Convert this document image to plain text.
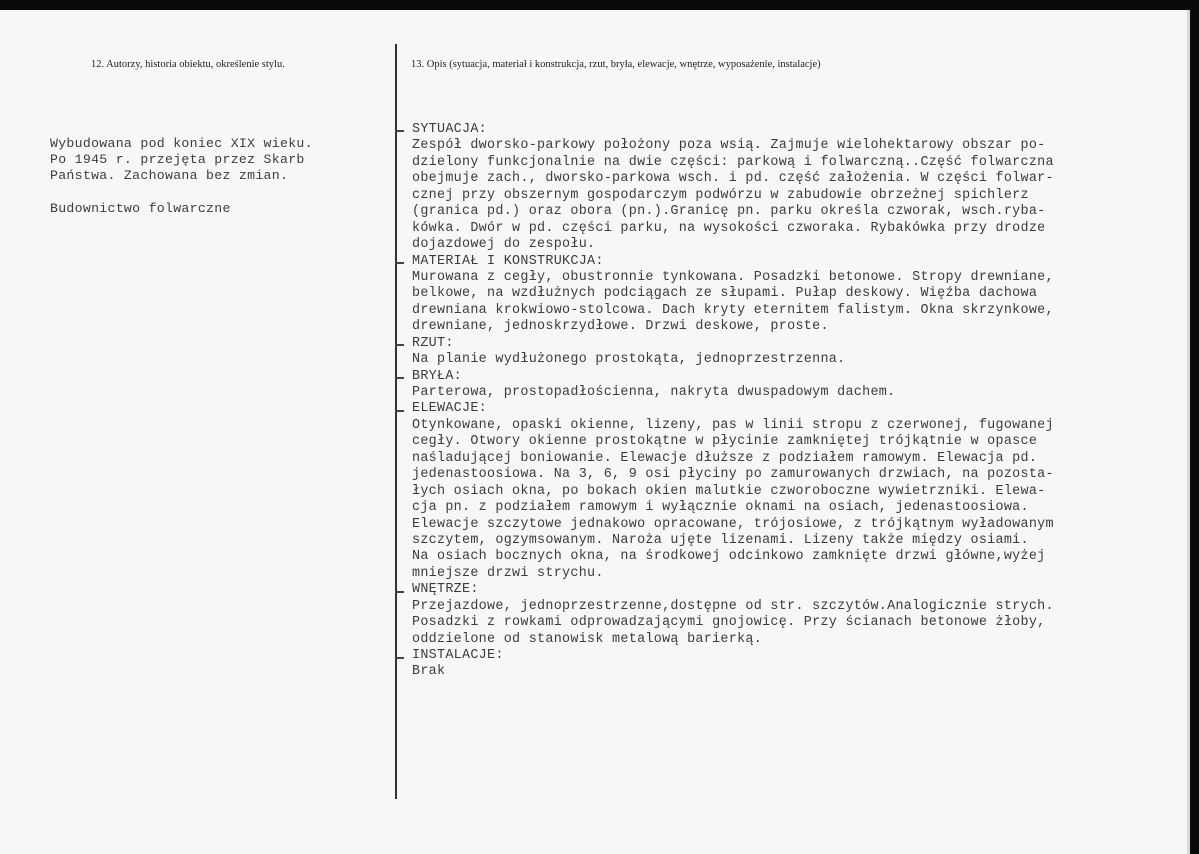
12. Autorzy, historia obiektu, określenie stylu.	13. Opis (sytuacja, materiał i konstrukcja, rzut, bryła, elewacje, wnętrze, wyposażenie, instalacje)
Wybudowana pod koniec XIX wieku.
Po 1945 r. przejęta przez Skarb
Państwa. Zachowana bez zmian.
Budownictwo folwarczne
SYTUACJA:
Zespół dworsko-parkowy położony poza wsią. Zajmuje wielohektarowy obszar po-
dzielony funkcjonalnie na dwie części: parkową i folwarczną..Część folwarczna
obejmuje zach., dworsko-parkowa wsch. i pd. część założenia. W części folwar-
cznej przy obszernym gospodarczym podwórzu w zabudowie obrzeżnej spichlerz
(granica pd.) oraz obora (pn.).Granicę pn. parku określa czworak, wsch.ryba-
kówka. Dwór w pd. części parku, na wysokości czworaka. Rybakówka przy drodze
dojazdowej do zespołu.
MATERIAŁ I KONSTRUKCJA:
Murowana z cegły, obustronnie tynkowana. Posadzki betonowe. Stropy drewniane,
belkowe, na wzdłużnych podciągach ze słupami. Pułap deskowy. Więźba dachowa
drewniana krokwiowo-stolcowa. Dach kryty eternitem falistym. Okna skrzynkowe,
drewniane, jednoskrzydłowe. Drzwi deskowe, proste.
RZUT:
Na planie wydłużonego prostokąta, jednoprzestrzenna.
BRYŁA:
Parterowa, prostopadłościenna, nakryta dwuspadowym dachem.
ELEWACJE:
Otynkowane, opaski okienne, lizeny, pas w linii stropu z czerwonej, fugowanej
cegły. Otwory okienne prostokątne w płycinie zamkniętej trójkątnie w opasce
naśladującej boniowanie. Elewacje dłuższe z podziałem ramowym. Elewacja pd.
jedenastoosiowa. Na 3, 6, 9 osi płyciny po zamurowanych drzwiach, na pozosta-
łych osiach okna, po bokach okien malutkie czworoboczne wywietrzniki. Elewa-
cja pn. z podziałem ramowym i wyłącznie oknami na osiach, jedenastoosiowa.
Elewacje szczytowe jednakowo opracowane, trójosiowe, z trójkątnym wyładowanym
szczytem, ogzymsowanym. Naroża ujęte lizenami. Lizeny także między osiami.
Na osiach bocznych okna, na środkowej odcinkowo zamknięte drzwi główne,wyżej
mniejsze drzwi strychu.
WNĘTRZE:
Przejazdowe, jednoprzestrzenne,dostępne od str. szczytów.Analogicznie strych.
Posadzki z rowkami odprowadzającymi gnojowicę. Przy ścianach betonowe żłoby,
oddzielone od stanowisk metalową barierką.
INSTALACJE:
Brak
